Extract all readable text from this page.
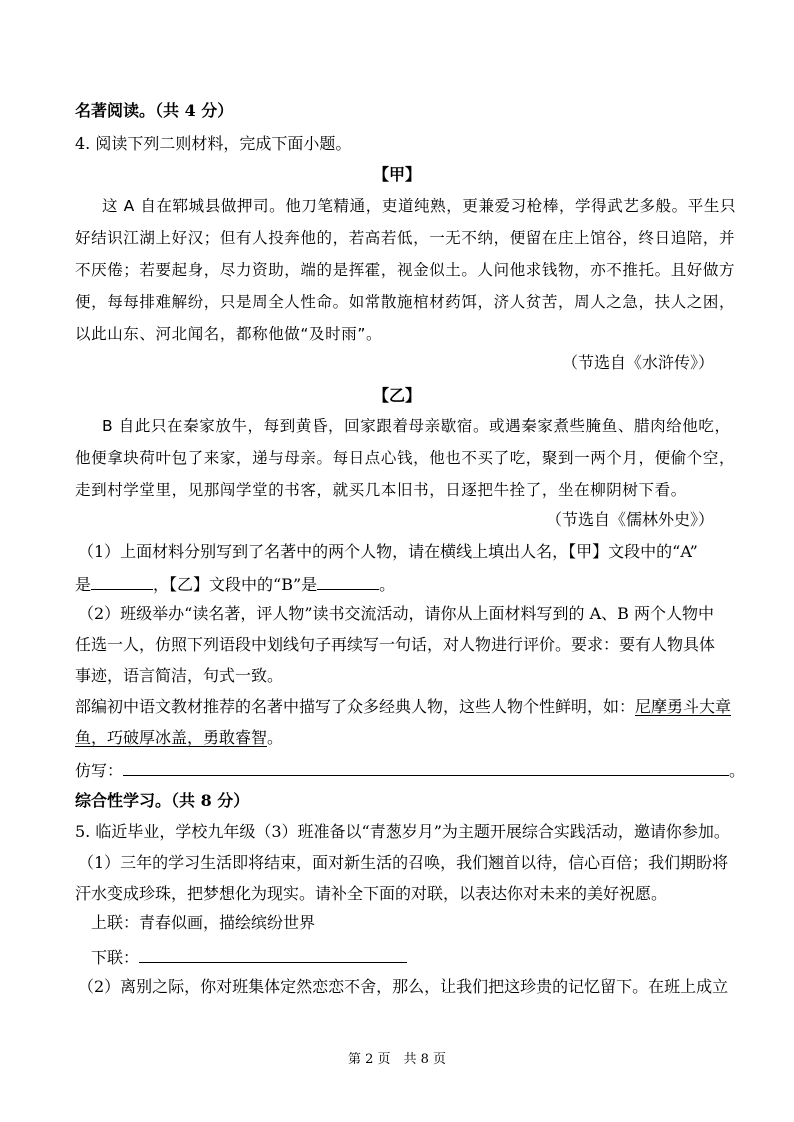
名著阅读。（共 4 分）
4. 阅读下列二则材料，完成下面小题。
【甲】
这 A 自在郓城县做押司。他刀笔精通，吏道纯熟，更兼爱习枪棒，学得武艺多般。平生只
好结识江湖上好汉；但有人投奔他的，若高若低，一无不纳，便留在庄上馆谷，终日追陪，并
不厌倦；若要起身，尽力资助，端的是挥霍，视金似土。人问他求钱物，亦不推托。且好做方
便，每每排难解纷，只是周全人性命。如常散施棺材药饵，济人贫苦，周人之急，扶人之困，
以此山东、河北闻名，都称他做“及时雨”。
（节选自《水浒传》）
【乙】
B 自此只在秦家放牛，每到黄昏，回家跟着母亲歇宿。或遇秦家煮些腌鱼、腊肉给他吃，
他便拿块荷叶包了来家，递与母亲。每日点心钱，他也不买了吃，聚到一两个月，便偷个空，
走到村学堂里，见那闯学堂的书客，就买几本旧书，日逐把牛拴了，坐在柳阴树下看。
（节选自《儒林外史》）
（1）上面材料分别写到了名著中的两个人物，请在横线上填出人名，【甲】文段中的“A”
是	，【乙】文段中的“B”是	。
（2）班级举办“读名著，评人物”读书交流活动，请你从上面材料写到的 A、B 两个人物中
任选一人，仿照下列语段中划线句子再续写一句话，对人物进行评价。要求：要有人物具体
事迹，语言简洁，句式一致。
部编初中语文教材推荐的名著中描写了众多经典人物，这些人物个性鲜明，如：尼摩勇斗大章
鱼，巧破厚冰盖，勇敢睿智。
仿写：	。
综合性学习。（共 8 分）
5. 临近毕业，学校九年级（3）班准备以“青葱岁月”为主题开展综合实践活动，邀请你参加。
（1）三年的学习生活即将结束，面对新生活的召唤，我们翘首以待，信心百倍；我们期盼将
汗水变成珍珠，把梦想化为现实。请补全下面的对联，以表达你对未来的美好祝愿。
上联：青春似画，描绘缤纷世界
下联：
（2）离别之际，你对班集体定然恋恋不舍，那么，让我们把这珍贵的记忆留下。在班上成立
第 2 页　共 8 页
